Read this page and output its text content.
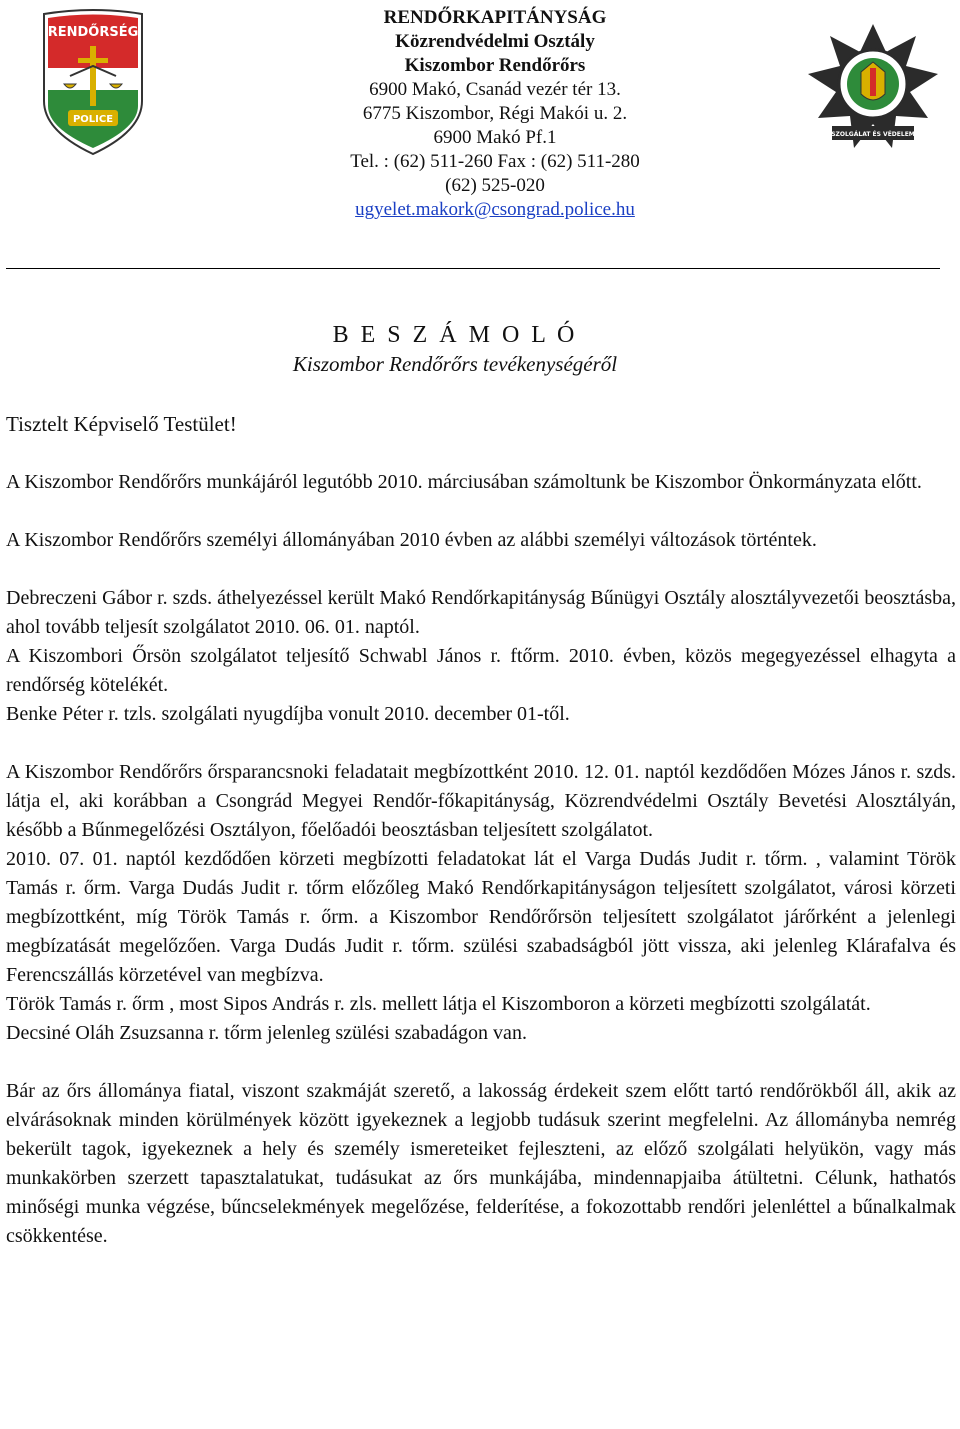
RENDŐRSÉG
POLICE
RENDŐRKAPITÁNYSÁG
Közrendvédelmi Osztály
Kiszombor Rendőrőrs
6900 Makó, Csanád vezér tér 13.
6775 Kiszombor, Régi Makói u. 2.
6900 Makó Pf.1
Tel. : (62) 511-260 Fax : (62) 511-280
(62) 525-020
ugyelet.makork@csongrad.police.hu
SZOLGÁLAT ÉS VÉDELEM
B E S Z Á M O L Ó
Kiszombor Rendőrőrs tevékenységéről
Tisztelt Képviselő Testület!

A Kiszombor Rendőrőrs munkájáról legutóbb 2010. márciusában számoltunk be Kiszombor Önkormányzata előtt.

A Kiszombor Rendőrőrs személyi állományában 2010 évben az alábbi személyi változások történtek.

Debreczeni Gábor r. szds. áthelyezéssel került Makó Rendőrkapitányság Bűnügyi Osztály alosztályvezetői beosztásba, ahol tovább teljesít szolgálatot 2010. 06. 01. naptól.

A Kiszombori Őrsön szolgálatot teljesítő Schwabl János r. ftőrm. 2010. évben, közös megegyezéssel elhagyta a rendőrség kötelékét.

Benke Péter r. tzls. szolgálati nyugdíjba vonult 2010. december 01-től.

A Kiszombor Rendőrőrs őrsparancsnoki feladatait megbízottként 2010. 12. 01. naptól kezdődően Mózes János r. szds. látja el, aki korábban a Csongrád Megyei Rendőr-főkapitányság, Közrendvédelmi Osztály Bevetési Alosztályán, később a Bűnmegelőzési Osztályon, főelőadói beosztásban teljesített szolgálatot.

2010. 07. 01. naptól kezdődően körzeti megbízotti feladatokat lát el Varga Dudás Judit r. tőrm. , valamint Török Tamás r. őrm. Varga Dudás Judit r. tőrm előzőleg Makó Rendőrkapitányságon teljesített szolgálatot, városi körzeti megbízottként, míg Török Tamás r. őrm. a Kiszombor Rendőrőrsön teljesített szolgálatot járőrként a jelenlegi megbízatását megelőzően. Varga Dudás Judit r. tőrm. szülési szabadságból jött vissza, aki jelenleg Klárafalva és Ferencszállás körzetével van megbízva.

Török Tamás r. őrm , most Sipos András r. zls. mellett látja el Kiszomboron a körzeti megbízotti szolgálatát.

Decsiné Oláh Zsuzsanna r. tőrm jelenleg szülési szabadágon van.

Bár az őrs állománya fiatal, viszont szakmáját szerető, a lakosság érdekeit szem előtt tartó rendőrökből áll, akik az elvárásoknak minden körülmények között igyekeznek a legjobb tudásuk szerint megfelelni. Az állományba nemrég bekerült tagok, igyekeznek a hely és személy ismereteiket fejleszteni, az előző szolgálati helyükön, vagy más munkakörben szerzett tapasztalatukat, tudásukat az őrs munkájába, mindennapjaiba átültetni. Célunk, hathatós minőségi munka végzése, bűncselekmények megelőzése, felderítése, a fokozottabb rendőri jelenléttel a bűnalkalmak csökkentése.
